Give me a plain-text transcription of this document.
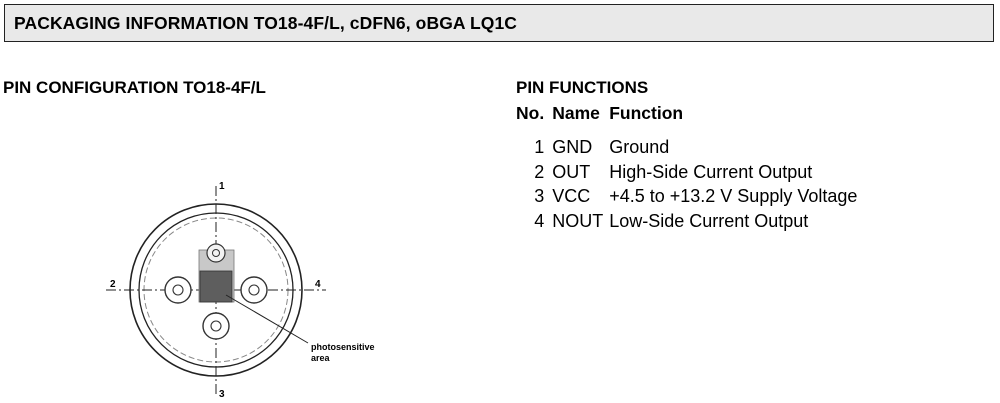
PACKAGING INFORMATION TO18-4F/L, cDFN6, oBGA LQ1C
PIN CONFIGURATION TO18-4F/L	PIN FUNCTIONS
No.	Name	Function
1	GND	Ground
2	OUT	High-Side Current Output
3	VCC	+4.5 to +13.2 V Supply Voltage
4	NOUT	Low-Side Current Output
1
2
3
4
photosensitive
area
